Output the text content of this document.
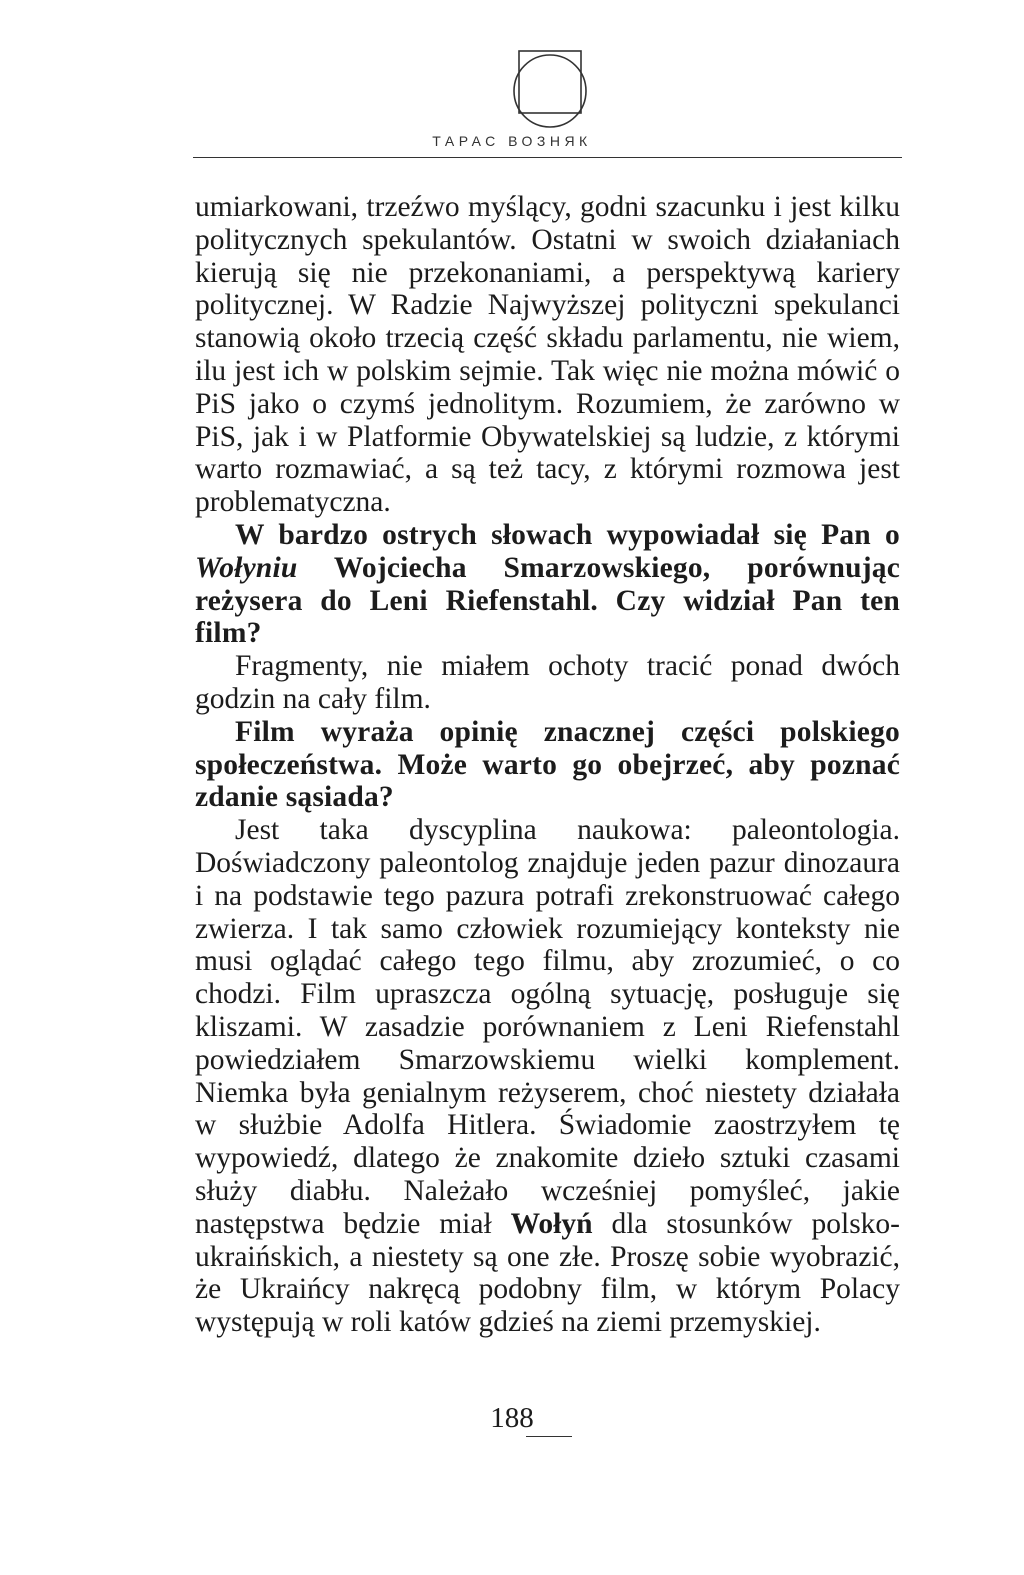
ТАРАС ВОЗНЯК

umiarkowani, trzeźwo myślący, godni szacunku i jest kilku politycznych spekulantów. Ostatni w swoich działaniach kierują się nie przekonaniami, a perspektywą kariery politycznej. W Radzie Najwyższej polityczni spekulanci stanowią około trzecią część składu parlamentu, nie wiem, ilu jest ich w polskim sejmie. Tak więc nie można mówić o PiS jako o czymś jednolitym. Rozumiem, że zarówno w PiS, jak i w Platformie Obywatelskiej są ludzie, z którymi warto rozmawiać, a są też tacy, z którymi rozmowa jest problematyczna.

W bardzo ostrych słowach wypowiadał się Pan o Wołyniu Wojciecha Smarzowskiego, porównując reżysera do Leni Riefenstahl. Czy widział Pan ten film?

Fragmenty, nie miałem ochoty tracić ponad dwóch godzin na cały film.

Film wyraża opinię znacznej części polskiego społeczeństwa. Może warto go obejrzeć, aby poznać zdanie sąsiada?

Jest taka dyscyplina naukowa: paleontologia. Doświadczony paleontolog znajduje jeden pazur dinozaura i na podstawie tego pazura potrafi zrekonstruować całego zwierza. I tak samo człowiek rozumiejący konteksty nie musi oglądać całego tego filmu, aby zrozumieć, o co chodzi. Film upraszcza ogólną sytuację, posługuje się kliszami. W zasadzie porównaniem z Leni Riefenstahl powiedziałem Smarzowskiemu wielki komplement. Niemka była genialnym reżyserem, choć niestety działała w służbie Adolfa Hitlera. Świadomie zaostrzyłem tę wypowiedź, dlatego że znakomite dzieło sztuki czasami służy diabłu. Należało wcześniej pomyśleć, jakie następstwa będzie miał Wołyń dla stosunków polsko-ukraińskich, a niestety są one złe. Proszę sobie wyobrazić, że Ukraińcy nakręcą podobny film, w którym Polacy występują w roli katów gdzieś na ziemi przemyskiej.

188
